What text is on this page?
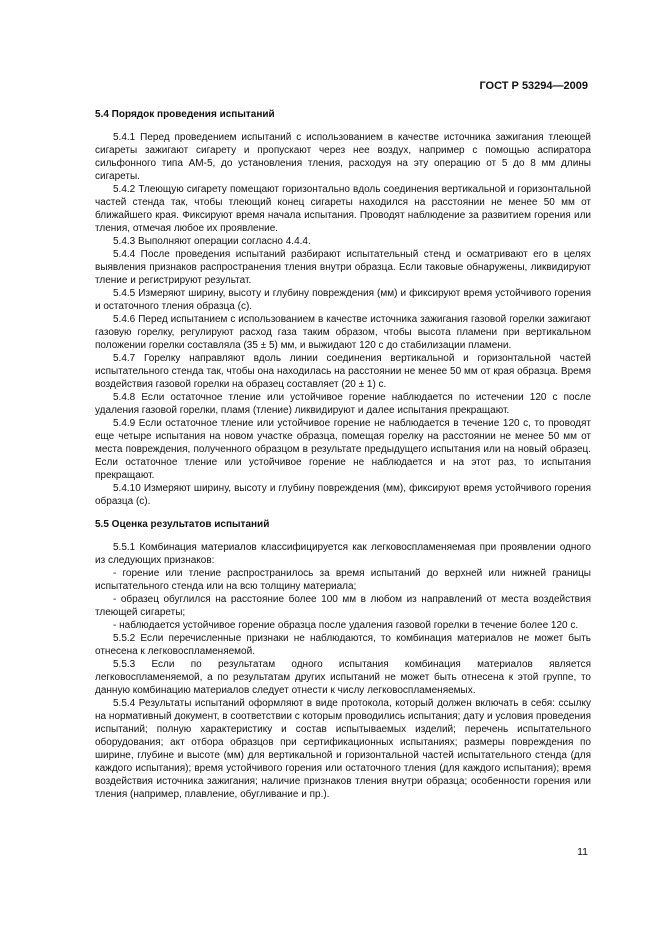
ГОСТ Р 53294—2009
5.4 Порядок проведения испытаний

5.4.1 Перед проведением испытаний с использованием в качестве источника зажигания тлеющей сигареты зажигают сигарету и пропускают через нее воздух, например с помощью аспиратора сильфонного типа АМ-5, до установления тления, расходуя на эту операцию от 5 до 8 мм длины сигареты.

5.4.2 Тлеющую сигарету помещают горизонтально вдоль соединения вертикальной и горизонтальной частей стенда так, чтобы тлеющий конец сигареты находился на расстоянии не менее 50 мм от ближайшего края. Фиксируют время начала испытания. Проводят наблюдение за развитием горения или тления, отмечая любое их проявление.

5.4.3 Выполняют операции согласно 4.4.4.

5.4.4 После проведения испытаний разбирают испытательный стенд и осматривают его в целях выявления признаков распространения тления внутри образца. Если таковые обнаружены, ликвидируют тление и регистрируют результат.

5.4.5 Измеряют ширину, высоту и глубину повреждения (мм) и фиксируют время устойчивого горения и остаточного тления образца (с).

5.4.6 Перед испытанием с использованием в качестве источника зажигания газовой горелки зажигают газовую горелку, регулируют расход газа таким образом, чтобы высота пламени при вертикальном положении горелки составляла (35 ± 5) мм, и выжидают 120 с до стабилизации пламени.

5.4.7 Горелку направляют вдоль линии соединения вертикальной и горизонтальной частей испытательного стенда так, чтобы она находилась на расстоянии не менее 50 мм от края образца. Время воздействия газовой горелки на образец составляет (20 ± 1) с.

5.4.8 Если остаточное тление или устойчивое горение наблюдается по истечении 120 с после удаления газовой горелки, пламя (тление) ликвидируют и далее испытания прекращают.

5.4.9 Если остаточное тление или устойчивое горение не наблюдается в течение 120 с, то проводят еще четыре испытания на новом участке образца, помещая горелку на расстоянии не менее 50 мм от места повреждения, полученного образцом в результате предыдущего испытания или на новый образец. Если остаточное тление или устойчивое горение не наблюдается и на этот раз, то испытания прекращают.

5.4.10 Измеряют ширину, высоту и глубину повреждения (мм), фиксируют время устойчивого горения образца (с).

5.5 Оценка результатов испытаний

5.5.1 Комбинация материалов классифицируется как легковоспламеняемая при проявлении одного из следующих признаков:

- горение или тление распространилось за время испытаний до верхней или нижней границы испытательного стенда или на всю толщину материала;

- образец обуглился на расстояние более 100 мм в любом из направлений от места воздействия тлеющей сигареты;

- наблюдается устойчивое горение образца после удаления газовой горелки в течение более 120 с.

5.5.2 Если перечисленные признаки не наблюдаются, то комбинация материалов не может быть отнесена к легковоспламеняемой.

5.5.3 Если по результатам одного испытания комбинация материалов является легковоспламеняемой, а по результатам других испытаний не может быть отнесена к этой группе, то данную комбинацию материалов следует отнести к числу легковоспламеняемых.

5.5.4 Результаты испытаний оформляют в виде протокола, который должен включать в себя: ссылку на нормативный документ, в соответствии с которым проводились испытания; дату и условия проведения испытаний; полную характеристику и состав испытываемых изделий; перечень испытательного оборудования; акт отбора образцов при сертификационных испытаниях; размеры повреждения по ширине, глубине и высоте (мм) для вертикальной и горизонтальной частей испытательного стенда (для каждого испытания); время устойчивого горения или остаточного тления (для каждого испытания); время воздействия источника зажигания; наличие признаков тления внутри образца; особенности горения или тления (например, плавление, обугливание и пр.).

11
